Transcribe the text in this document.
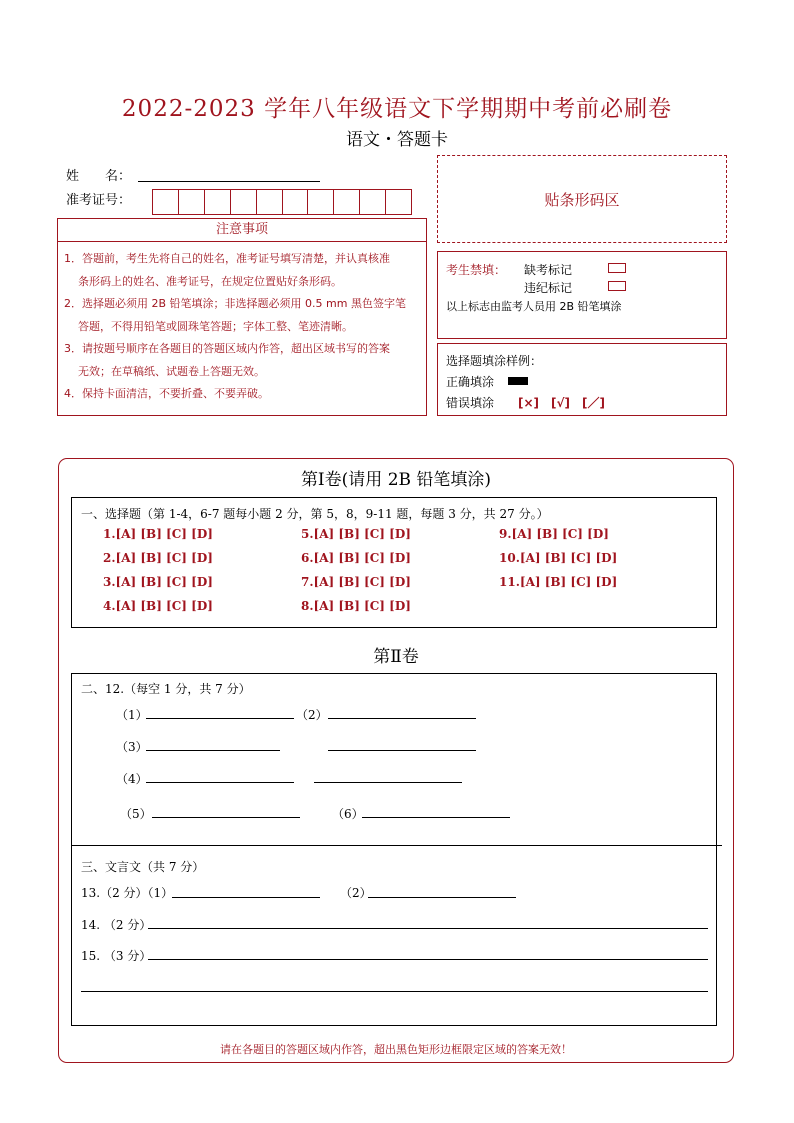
2022-2023 学年八年级语文下学期期中考前必刷卷
语文・答题卡
姓　　名：
准考证号：	贴条形码区
注意事项

1．答题前，考生先将自己的姓名，准考证号填写清楚，并认真核准

条形码上的姓名、准考证号，在规定位置贴好条形码。

2．选择题必须用 2B 铅笔填涂；非选择题必须用 0.5 mm 黑色签字笔

答题，不得用铅笔或圆珠笔答题；字体工整、笔迹清晰。

3．请按题号顺序在各题目的答题区域内作答，超出区域书写的答案

无效；在草稿纸、试题卷上答题无效。

4．保持卡面清洁，不要折叠、不要弄破。

考生禁填： 缺考标记
违纪标记
以上标志由监考人员用 2B 铅笔填涂
选择题填涂样例：
正确填涂
错误填涂 [×]　[√]　[／]
第Ⅰ卷(请用 2B 铅笔填涂)
一、选择题（第 1-4，6-7 题每小题 2 分，第 5，8，9-11 题，每题 3 分，共 27 分。）
1.[A] [B] [C] [D]
2.[A] [B] [C] [D]
3.[A] [B] [C] [D]
4.[A] [B] [C] [D]
5.[A] [B] [C] [D]
6.[A] [B] [C] [D]
7.[A] [B] [C] [D]
8.[A] [B] [C] [D]
9.[A] [B] [C] [D]
10.[A] [B] [C] [D]
11.[A] [B] [C] [D]
第Ⅱ卷
二、12.（每空 1 分，共 7 分）
（1）	（2）
（3）
（4）
（5）	（6）
三、文言文（共 7 分）
13.（2 分）（1）	（2）
14. （2 分）
15. （3 分）
请在各题目的答题区域内作答，超出黑色矩形边框限定区域的答案无效！
